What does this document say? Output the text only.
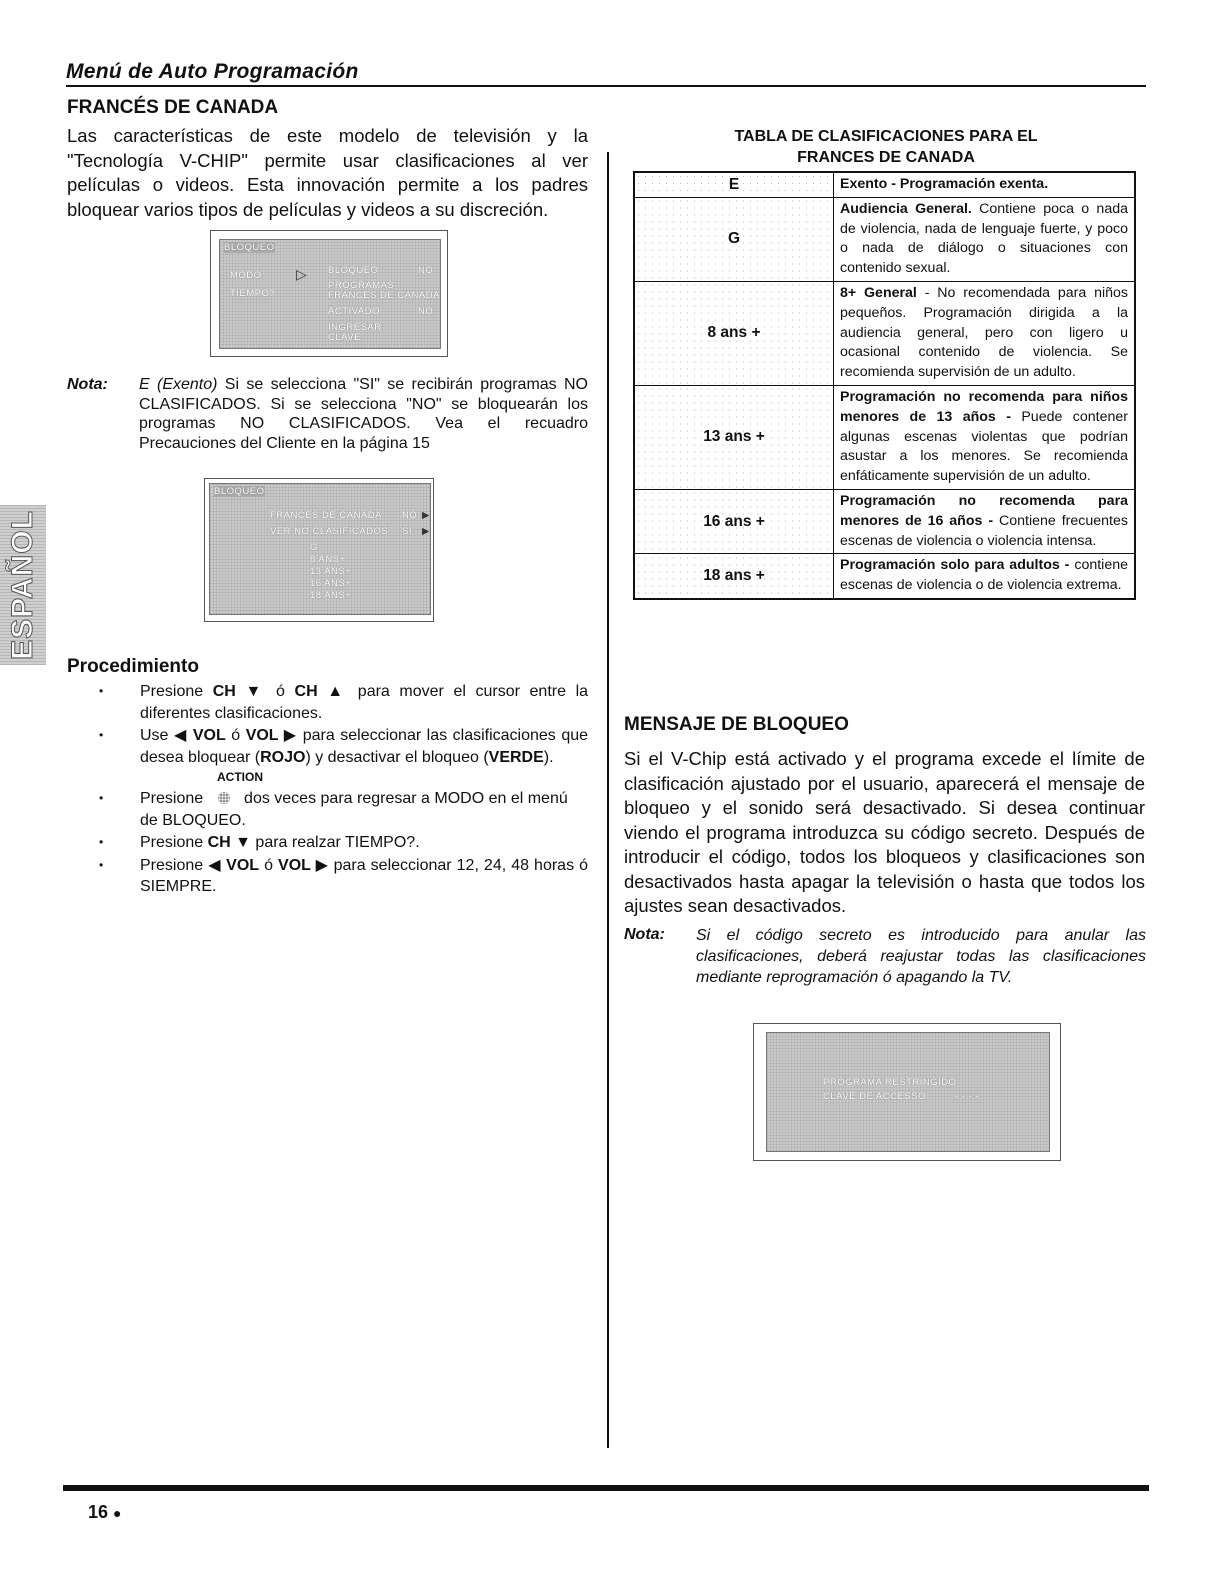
Menú de Auto Programación
FRANCÉS DE CANADA
Las características de este modelo de televisión y la "Tecnología V-CHIP" permite usar clasificaciones al ver películas o videos. Esta innovación permite a los padres bloquear varios tipos de películas y videos a su discreción.
BLOQUEO
MODO
TIEMPO?
▷ BLOQUEO
PROGRAMAS
FRANCES DE CANADA
ACTIVADO
INGRESAR
CLAVE
NO
NO
Nota: E (Exento) Si se selecciona "SI" se recibirán programas NO CLASIFICADOS. Si se selecciona "NO" se bloquearán los programas NO CLASIFICADOS. Vea el recuadro Precauciones del Cliente en la página 15
BLOQUEO
FRANCES DE CANADA
VER NO CLASIFICADOS
NO
SI
▶
▶
G
8 ANS+
13 ANS+
16 ANS+
18 ANS+
ESPAÑOL
Procedimiento
• Presione CH ▼ ó CH ▲ para mover el cursor entre la diferentes clasificaciones.
• Use ◀ VOL ó VOL ▶ para seleccionar las clasificaciones que desea bloquear (ROJO) y desactivar el bloqueo (VERDE).
• ACTION
Presione  dos veces para regresar a MODO en el menú de BLOQUEO.
• Presione CH ▼ para realzar TIEMPO?.
• Presione ◀ VOL ó VOL ▶ para seleccionar 12, 24, 48 horas ó SIEMPRE.
TABLA DE CLASIFICACIONES PARA EL
FRANCES DE CANADA
E	Exento - Programación exenta.
G	Audiencia General. Contiene poca o nada de violencia, nada de lenguaje fuerte, y poco o nada de diálogo o situaciones con contenido sexual.
8 ans +	8+ General - No recomendada para niños pequeños. Programación dirigida a la audiencia general, pero con ligero u ocasional contenido de violencia. Se recomienda supervisión de un adulto.
13 ans +	Programación no recomenda para niños menores de 13 años - Puede contener algunas escenas violentas que podrían asustar a los menores. Se recomienda enfáticamente supervisión de un adulto.
16 ans +	Programación no recomenda para menores de 16 años - Contiene frecuentes escenas de violencia o violencia intensa.
18 ans +	Programación solo para adultos - contiene escenas de violencia o de violencia extrema.
MENSAJE DE BLOQUEO
Si el V-Chip está activado y el programa excede el límite de clasificación ajustado por el usuario, aparecerá el mensaje de bloqueo y el sonido será desactivado. Si desea continuar viendo el programa introduzca su código secreto. Después de introducir el código, todos los bloqueos y clasificaciones son desactivados hasta apagar la televisión o hasta que todos los ajustes sean desactivados.
Nota: Si el código secreto es introducido para anular las clasificaciones, deberá reajustar todas las clasificaciones mediante reprogramación ó apagando la TV.
PROGRAMA RESTRINGIDO
CLAVE DE ACCESSO	- - - -
16 ●
